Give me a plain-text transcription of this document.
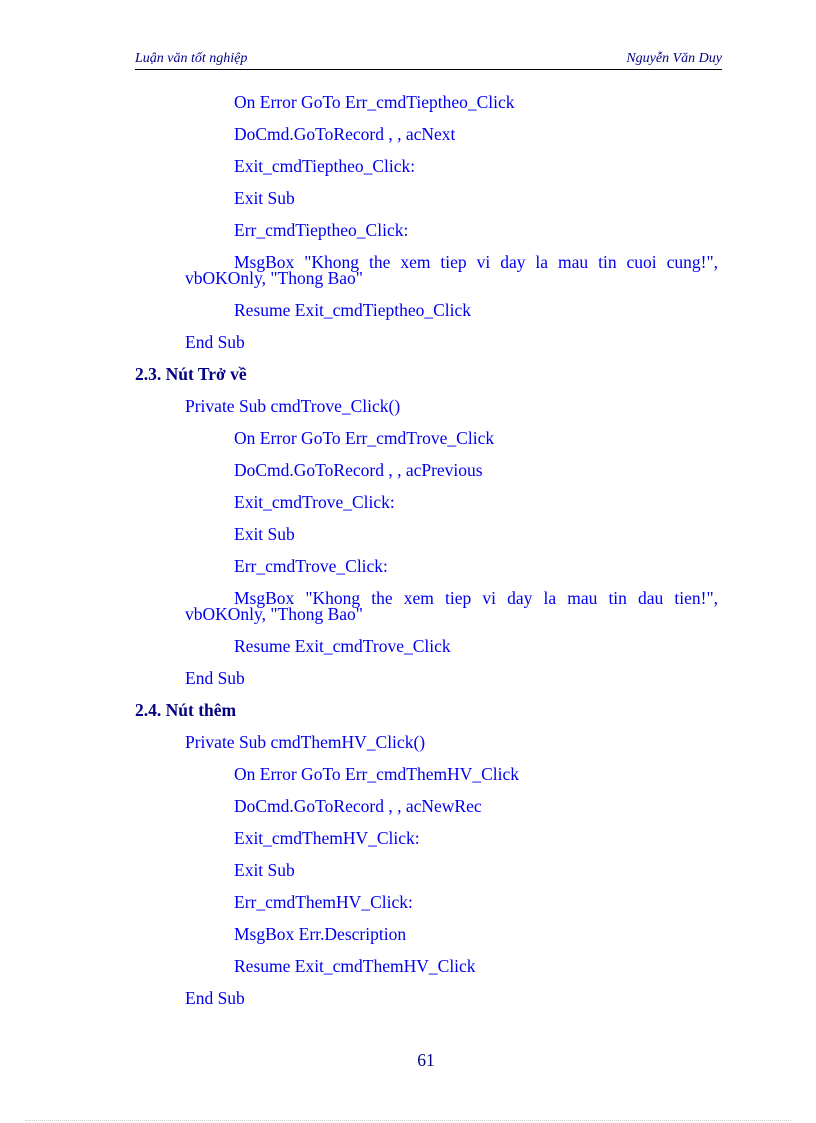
Luận văn tốt nghiệp	Nguyễn Văn Duy
On Error GoTo Err_cmdTieptheo_Click
DoCmd.GoToRecord , , acNext
Exit_cmdTieptheo_Click:
Exit Sub
Err_cmdTieptheo_Click:
MsgBox "Khong the xem tiep vi day la mau tin cuoi cung!",
vbOKOnly, "Thong Bao"
Resume Exit_cmdTieptheo_Click
End Sub
2.3. Nút Trở về
Private Sub cmdTrove_Click()
On Error GoTo Err_cmdTrove_Click
DoCmd.GoToRecord , , acPrevious
Exit_cmdTrove_Click:
Exit Sub
Err_cmdTrove_Click:
MsgBox "Khong the xem tiep vi day la mau tin dau tien!",
vbOKOnly, "Thong Bao"
Resume Exit_cmdTrove_Click
End Sub
2.4. Nút thêm
Private Sub cmdThemHV_Click()
On Error GoTo Err_cmdThemHV_Click
DoCmd.GoToRecord , , acNewRec
Exit_cmdThemHV_Click:
Exit Sub
Err_cmdThemHV_Click:
MsgBox Err.Description
Resume Exit_cmdThemHV_Click
End Sub
61
